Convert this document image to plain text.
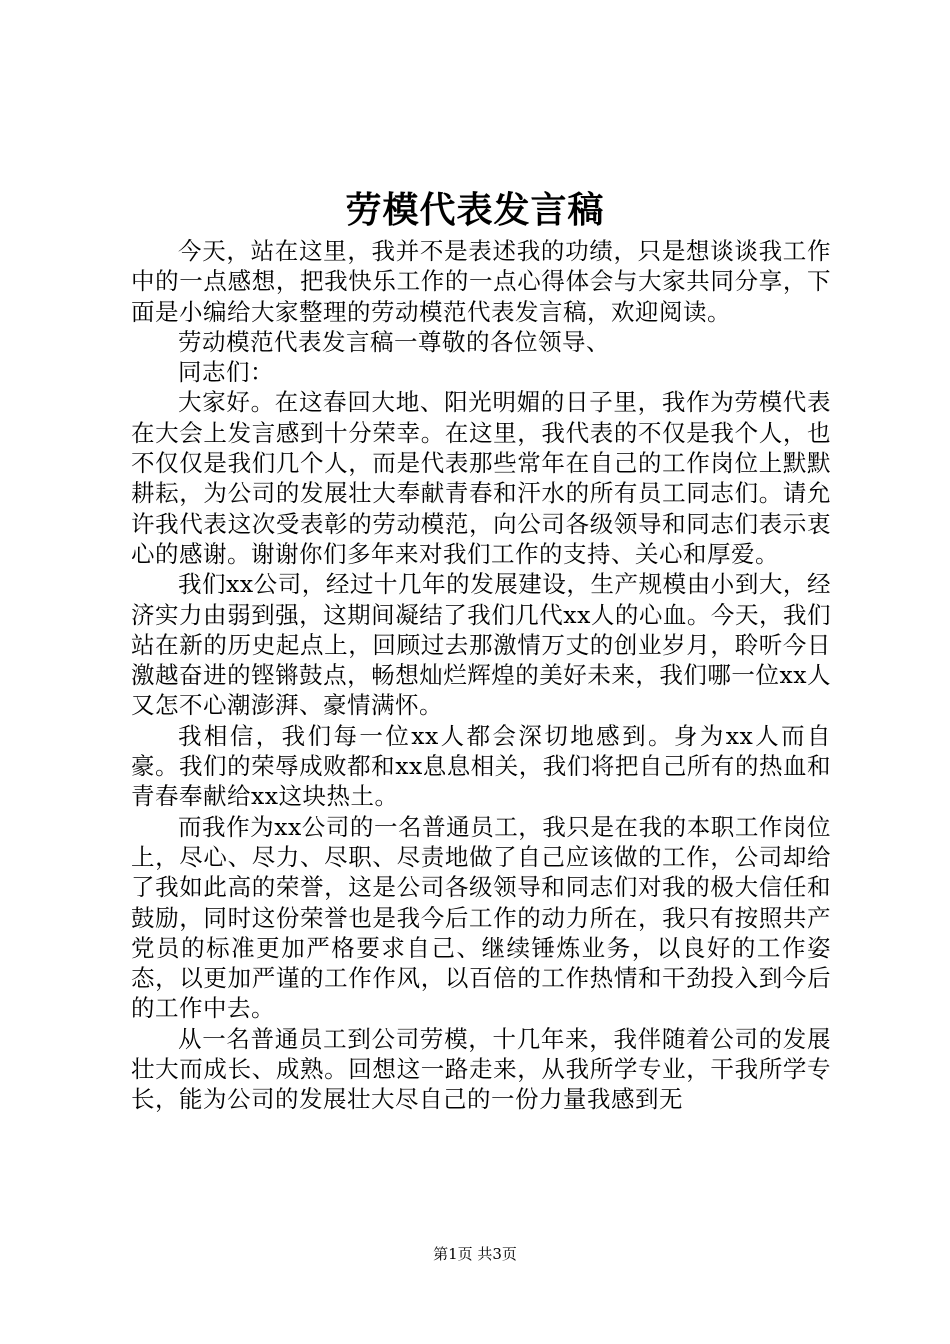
劳模代表发言稿

今天，站在这里，我并不是表述我的功绩，只是想谈谈我工作中的一点感想，把我快乐工作的一点心得体会与大家共同分享，下面是小编给大家整理的劳动模范代表发言稿，欢迎阅读。

劳动模范代表发言稿一尊敬的各位领导、

同志们：

大家好。在这春回大地、阳光明媚的日子里，我作为劳模代表在大会上发言感到十分荣幸。在这里，我代表的不仅是我个人，也不仅仅是我们几个人，而是代表那些常年在自己的工作岗位上默默耕耘，为公司的发展壮大奉献青春和汗水的所有员工同志们。请允许我代表这次受表彰的劳动模范，向公司各级领导和同志们表示衷心的感谢。谢谢你们多年来对我们工作的支持、关心和厚爱。

我们xx公司，经过十几年的发展建设，生产规模由小到大，经济实力由弱到强，这期间凝结了我们几代xx人的心血。今天，我们站在新的历史起点上，回顾过去那激情万丈的创业岁月，聆听今日激越奋进的铿锵鼓点，畅想灿烂辉煌的美好未来，我们哪一位xx人又怎不心潮澎湃、豪情满怀。

我相信，我们每一位xx人都会深切地感到。身为xx人而自豪。我们的荣辱成败都和xx息息相关，我们将把自己所有的热血和青春奉献给xx这块热土。

而我作为xx公司的一名普通员工，我只是在我的本职工作岗位上，尽心、尽力、尽职、尽责地做了自己应该做的工作，公司却给了我如此高的荣誉，这是公司各级领导和同志们对我的极大信任和鼓励，同时这份荣誉也是我今后工作的动力所在，我只有按照共产党员的标准更加严格要求自己、继续锤炼业务，以良好的工作姿态，以更加严谨的工作作风，以百倍的工作热情和干劲投入到今后的工作中去。

从一名普通员工到公司劳模，十几年来，我伴随着公司的发展壮大而成长、成熟。回想这一路走来，从我所学专业，干我所学专长，能为公司的发展壮大尽自己的一份力量我感到无

第1页 共3页
